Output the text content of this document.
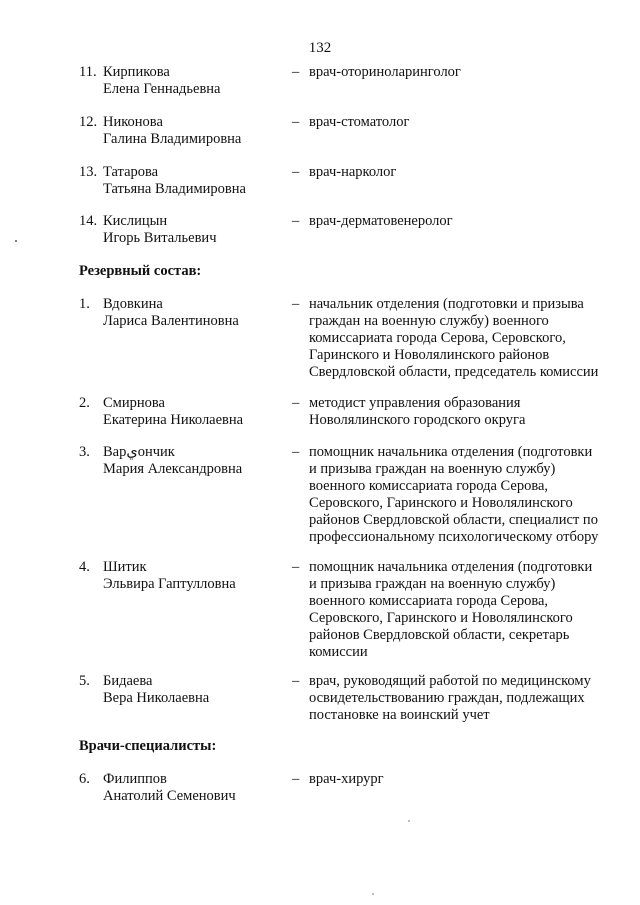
132
11. Кирпикова
Елена Геннадьевна
– врач-оториноларинголог
12. Никонова
Галина Владимировна
– врач-стоматолог
13. Татарова
Татьяна Владимировна
– врач-нарколог
14. Кислицын
Игорь Витальевич
– врач-дерматовенеролог
Резервный состав:
1. Вдовкина
Лариса Валентиновна
– начальник отделения (подготовки и призыва
граждан на военную службу) военного
комиссариата города Серова, Серовского,
Гаринского и Новолялинского районов
Свердловской области, председатель комиссии
2. Смирнова
Екатерина Николаевна
– методист управления образования
Новолялинского городского округа
3. Варيончик
Мария Александровна
– помощник начальника отделения (подготовки
и призыва граждан на военную службу)
военного комиссариата города Серова,
Серовского, Гаринского и Новолялинского
районов Свердловской области, специалист по
профессиональному психологическому отбору
4. Шитик
Эльвира Гаптулловна
– помощник начальника отделения (подготовки
и призыва граждан на военную службу)
военного комиссариата города Серова,
Серовского, Гаринского и Новолялинского
районов Свердловской области, секретарь
комиссии
5. Бидаева
Вера Николаевна
– врач, руководящий работой по медицинскому
освидетельствованию граждан, подлежащих
постановке на воинский учет
Врачи-специалисты:
6. Филиппов
Анатолий Семенович
– врач-хирург
